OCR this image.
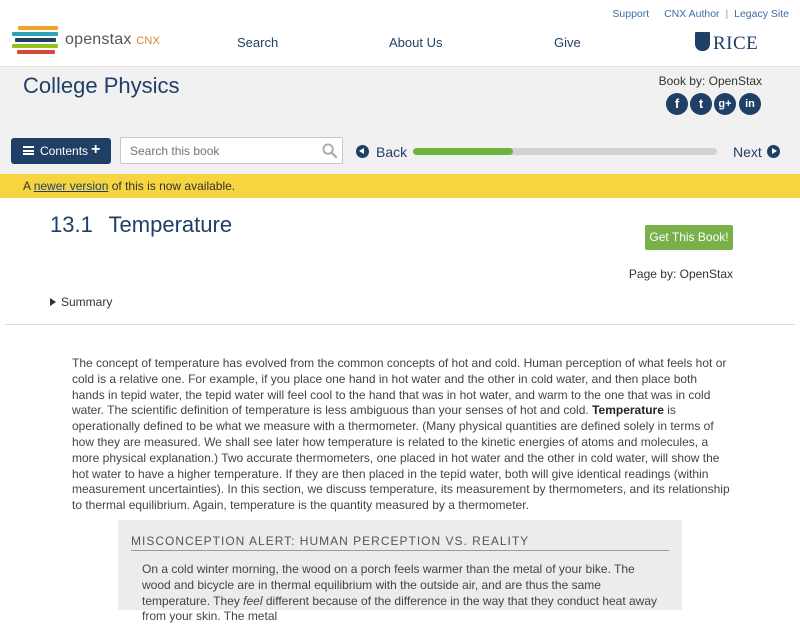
openstax CNX
Support CNX Author | Legacy Site
Search	About Us	Give	RICE
College Physics	Book by: OpenStax
f	t	g+	in
Contents +
Search this book	Back	Next
A newer version of this is now available.
13.1 Temperature	Get This Book!
Page by: OpenStax
Summary

The concept of temperature has evolved from the common concepts of hot and cold. Human perception of what feels hot or cold is a relative one. For example, if you place one hand in hot water and the other in cold water, and then place both hands in tepid water, the tepid water will feel cool to the hand that was in hot water, and warm to the one that was in cold water. The scientific definition of temperature is less ambiguous than your senses of hot and cold. Temperature is operationally defined to be what we measure with a thermometer. (Many physical quantities are defined solely in terms of how they are measured. We shall see later how temperature is related to the kinetic energies of atoms and molecules, a more physical explanation.) Two accurate thermometers, one placed in hot water and the other in cold water, will show the hot water to have a higher temperature. If they are then placed in the tepid water, both will give identical readings (within measurement uncertainties). In this section, we discuss temperature, its measurement by thermometers, and its relationship to thermal equilibrium. Again, temperature is the quantity measured by a thermometer.

MISCONCEPTION ALERT: HUMAN PERCEPTION VS. REALITY

On a cold winter morning, the wood on a porch feels warmer than the metal of your bike. The wood and bicycle are in thermal equilibrium with the outside air, and are thus the same temperature. They feel different because of the difference in the way that they conduct heat away from your skin. The metal
